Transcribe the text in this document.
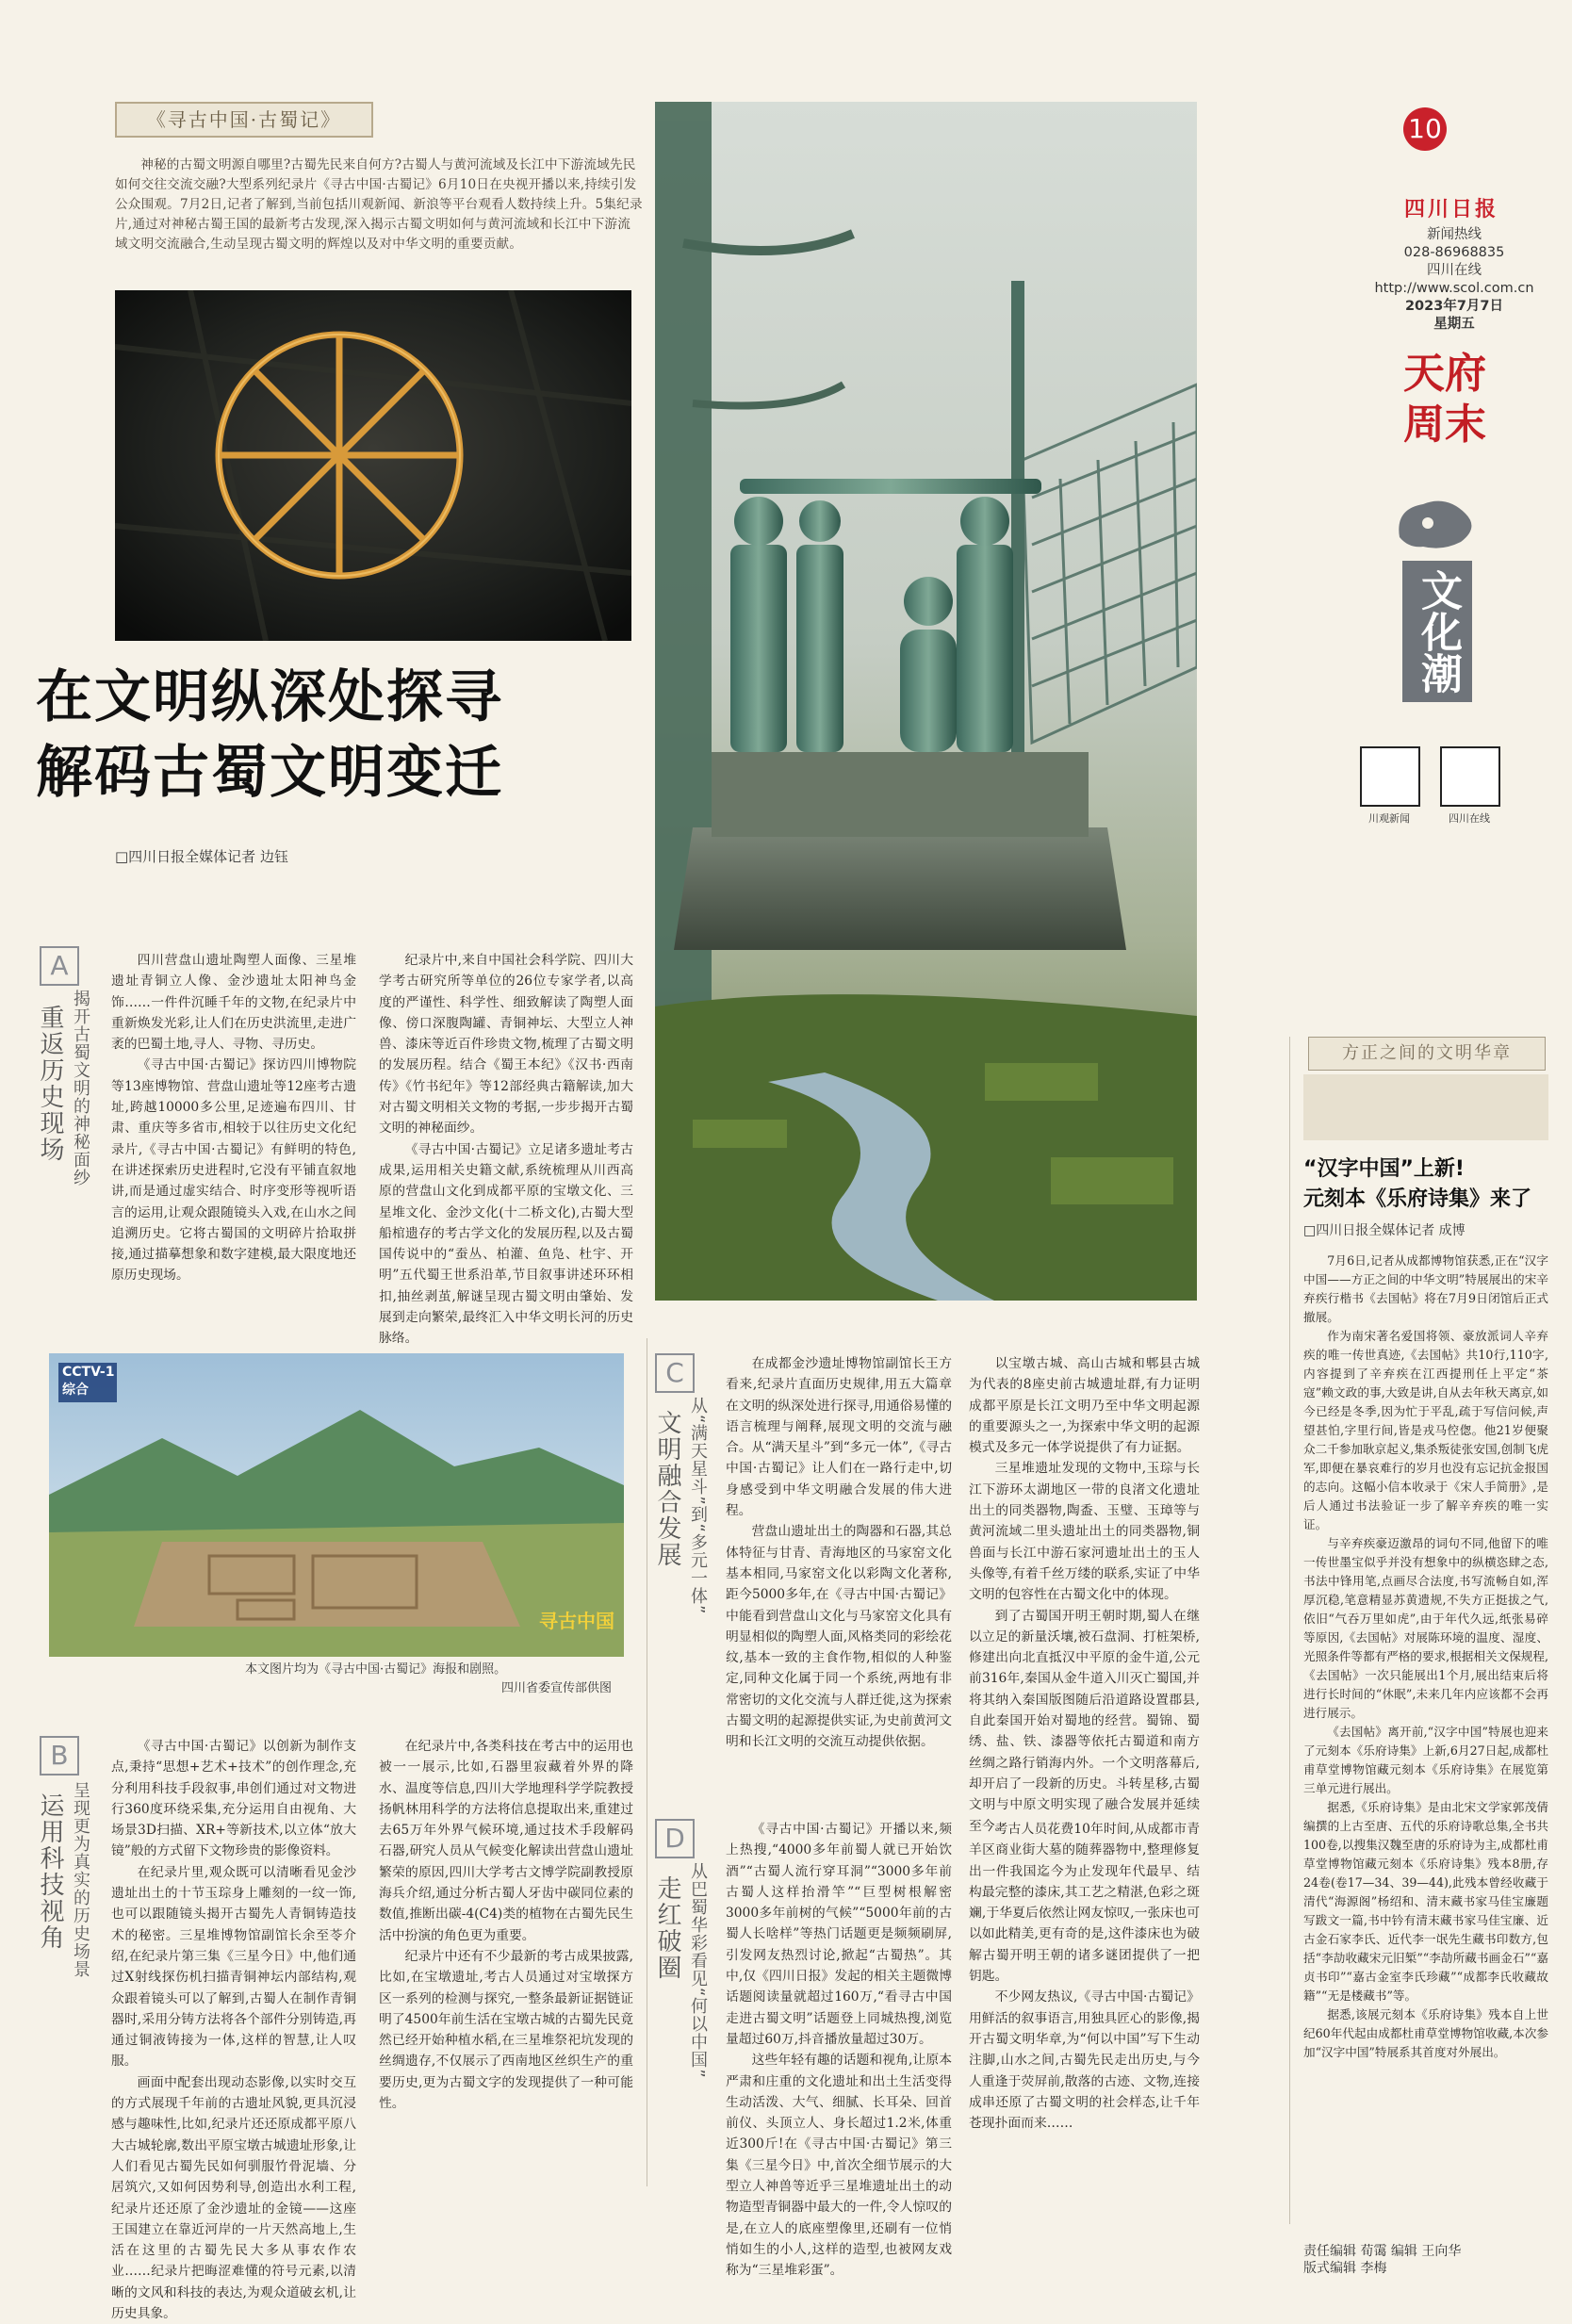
《寻古中国·古蜀记》
神秘的古蜀文明源自哪里?古蜀先民来自何方?古蜀人与黄河流域及长江中下游流域先民如何交往交流交融?大型系列纪录片《寻古中国·古蜀记》6月10日在央视开播以来,持续引发公众围观。7月2日,记者了解到,当前包括川观新闻、新浪等平台观看人数持续上升。5集纪录片,通过对神秘古蜀王国的最新考古发现,深入揭示古蜀文明如何与黄河流域和长江中下游流域文明交流融合,生动呈现古蜀文明的辉煌以及对中华文明的重要贡献。
在文明纵深处探寻
解码古蜀文明变迁
□四川日报全媒体记者 边钰
CCTV-1 综合
寻古中国
本文图片均为《寻古中国·古蜀记》海报和剧照。
四川省委宣传部供图
A
重返历史现场 揭开古蜀文明的神秘面纱

四川营盘山遗址陶塑人面像、三星堆遗址青铜立人像、金沙遗址太阳神鸟金饰……一件件沉睡千年的文物,在纪录片中重新焕发光彩,让人们在历史洪流里,走进广袤的巴蜀土地,寻人、寻物、寻历史。

《寻古中国·古蜀记》探访四川博物院等13座博物馆、营盘山遗址等12座考古遗址,跨越10000多公里,足迹遍布四川、甘肃、重庆等多省市,相较于以往历史文化纪录片,《寻古中国·古蜀记》有鲜明的特色,在讲述探索历史进程时,它没有平铺直叙地讲,而是通过虚实结合、时序变形等视听语言的运用,让观众跟随镜头入戏,在山水之间追溯历史。它将古蜀国的文明碎片拾取拼接,通过描摹想象和数字建模,最大限度地还原历史现场。

纪录片中,来自中国社会科学院、四川大学考古研究所等单位的26位专家学者,以高度的严谨性、科学性、细致解读了陶塑人面像、傍口深腹陶罐、青铜神坛、大型立人神兽、漆床等近百件珍贵文物,梳理了古蜀文明的发展历程。结合《蜀王本纪》《汉书·西南传》《竹书纪年》等12部经典古籍解读,加大对古蜀文明相关文物的考据,一步步揭开古蜀文明的神秘面纱。

《寻古中国·古蜀记》立足诸多遗址考古成果,运用相关史籍文献,系统梳理从川西高原的营盘山文化到成都平原的宝墩文化、三星堆文化、金沙文化(十二桥文化),古蜀大型船棺遗存的考古学文化的发展历程,以及古蜀国传说中的“蚕丛、柏灌、鱼凫、杜宇、开明”五代蜀王世系沿革,节目叙事讲述环环相扣,抽丝剥茧,解谜呈现古蜀文明由肇始、发展到走向繁荣,最终汇入中华文明长河的历史脉络。

B
运用科技视角 呈现更为真实的历史场景

《寻古中国·古蜀记》以创新为制作支点,秉持“思想+艺术+技术”的创作理念,充分利用科技手段叙事,串创们通过对文物进行360度环绕采集,充分运用自由视角、大场景3D扫描、XR+等新技术,以立体“放大镜”般的方式留下文物珍贵的影像资料。

在纪录片里,观众既可以清晰看见金沙遗址出土的十节玉琮身上雕刻的一纹一饰,也可以跟随镜头揭开古蜀先人青铜铸造技术的秘密。三星堆博物馆副馆长余至苓介绍,在纪录片第三集《三星今日》中,他们通过X射线探伤机扫描青铜神坛内部结构,观众跟着镜头可以了解到,古蜀人在制作青铜器时,采用分铸方法将各个部件分别铸造,再通过铜液铸接为一体,这样的智慧,让人叹服。

画面中配套出现动态影像,以实时交互的方式展现千年前的古遗址风貌,更具沉浸感与趣味性,比如,纪录片还还原成都平原八大古城轮廓,数出平原宝墩古城遗址形象,让人们看见古蜀先民如何驯服竹骨泥墙、分居筑穴,又如何因势利导,创造出水利工程,纪录片还还原了金沙遗址的金镜——这座王国建立在靠近河岸的一片天然高地上,生活在这里的古蜀先民大多从事农作农业……纪录片把晦涩难懂的符号元素,以清晰的文风和科技的表达,为观众道破玄机,让历史具象。

在纪录片中,各类科技在考古中的运用也被一一展示,比如,石器里寂藏着外界的降水、温度等信息,四川大学地理科学学院教授扬帆林用科学的方法将信息提取出来,重建过去65万年外界气候环境,通过技术手段解码石器,研究人员从气候变化解读出营盘山遗址繁荣的原因,四川大学考古文博学院副教授原海兵介绍,通过分析古蜀人牙齿中碳同位素的数值,推断出碳-4(C4)类的植物在古蜀先民生活中扮演的角色更为重要。

纪录片中还有不少最新的考古成果披露,比如,在宝墩遗址,考古人员通过对宝墩探方区一系列的检测与探究,一整条最新证据链证明了4500年前生活在宝墩古城的古蜀先民竟然已经开始种植水稻,在三星堆祭祀坑发现的丝绸遗存,不仅展示了西南地区丝织生产的重要历史,更为古蜀文字的发现提供了一种可能性。

C
文明融合发展 从“满天星斗”到“多元一体”

在成都金沙遗址博物馆副馆长王方看来,纪录片直面历史规律,用五大篇章在文明的纵深处进行探寻,用通俗易懂的语言梳理与阐释,展现文明的交流与融合。从“满天星斗”到“多元一体”,《寻古中国·古蜀记》让人们在一路行走中,切身感受到中华文明融合发展的伟大进程。

营盘山遗址出土的陶器和石器,其总体特征与甘青、青海地区的马家窑文化基本相同,马家窑文化以彩陶文化著称,距今5000多年,在《寻古中国·古蜀记》中能看到营盘山文化与马家窑文化具有明显相似的陶塑人面,风格类同的彩绘花纹,基本一致的主食作物,相似的人种鉴定,同种文化属于同一个系统,两地有非常密切的文化交流与人群迁徙,这为探索古蜀文明的起源提供实证,为史前黄河文明和长江文明的交流互动提供依据。

以宝墩古城、高山古城和郫县古城为代表的8座史前古城遗址群,有力证明成都平原是长江文明乃至中华文明起源的重要源头之一,为探索中华文明的起源模式及多元一体学说提供了有力证据。

三星堆遗址发现的文物中,玉琮与长江下游环太湖地区一带的良渚文化遗址出土的同类器物,陶盉、玉璧、玉璋等与黄河流域二里头遗址出土的同类器物,铜兽面与长江中游石家河遗址出土的玉人头像等,有着千丝万缕的联系,实证了中华文明的包容性在古蜀文化中的体现。

到了古蜀国开明王朝时期,蜀人在继以立足的新量沃壤,被石盘洞、打桩架桥,修建出向北直抵汉中平原的金牛道,公元前316年,秦国从金牛道入川灭亡蜀国,并将其纳入秦国版图随后沿道路设置郡县,自此秦国开始对蜀地的经营。蜀锦、蜀绣、盐、铁、漆器等依托古蜀道和南方丝绸之路行销海内外。一个文明落幕后,却开启了一段新的历史。斗转星移,古蜀文明与中原文明实现了融合发展并延续至今。

D
走红破圈 从巴蜀华彩看见“何以中国”

《寻古中国·古蜀记》开播以来,频上热搜,“4000多年前蜀人就已开始饮酒”“古蜀人流行穿耳洞”“3000多年前古蜀人这样抬滑竿”“巨型树根解密3000多年前树的气候”“5000年前的古蜀人长啥样”等热门话题更是频频刷屏,引发网友热烈讨论,掀起“古蜀热”。其中,仅《四川日报》发起的相关主题微博话题阅读量就超过160万,“看寻古中国走进古蜀文明”话题登上同城热搜,浏览量超过60万,抖音播放量超过30万。

这些年轻有趣的话题和视角,让原本严肃和庄重的文化遗址和出土生活变得生动活泼、大气、细腻、长耳朵、回首前仪、头顶立人、身长超过1.2米,体重近300斤!在《寻古中国·古蜀记》第三集《三星今日》中,首次全细节展示的大型立人神兽等近乎三星堆遗址出土的动物造型青铜器中最大的一件,令人惊叹的是,在立人的底座塑像里,还刷有一位悄悄如生的小人,这样的造型,也被网友戏称为“三星堆彩蛋”。

考古人员花费10年时间,从成都市青羊区商业街大墓的随葬器物中,整理修复出一件我国迄今为止发现年代最早、结构最完整的漆床,其工艺之精湛,色彩之斑斓,于华夏后依然让网友惊叹,一张床也可以如此精美,更有奇的是,这件漆床也为破解古蜀开明王朝的诸多谜团提供了一把钥匙。

不少网友热议,《寻古中国·古蜀记》用鲜活的叙事语言,用独具匠心的影像,揭开古蜀文明华章,为“何以中国”写下生动注脚,山水之间,古蜀先民走出历史,与今人重逢于荧屏前,散落的古迹、文物,连接成串还原了古蜀文明的社会样态,让千年苍现扑面而来……

10
四川日报
新闻热线
028-86968835
四川在线
http://www.scol.com.cn
2023年7月7日
星期五
天府周末
文化潮
川观新闻	四川在线
方正之间的文明华章
“汉字中国”上新!
元刻本《乐府诗集》来了
□四川日报全媒体记者 成博

7月6日,记者从成都博物馆获悉,正在“汉字中国——方正之间的中华文明”特展展出的宋辛弃疾行楷书《去国帖》将在7月9日闭馆后正式撤展。

作为南宋著名爱国将领、豪放派词人辛弃疾的唯一传世真迹,《去国帖》共10行,110字,内容提到了辛弃疾在江西提刑任上平定“茶寇”赖文政的事,大致是讲,自从去年秋天离京,如今已经是冬季,因为忙于平乱,疏于写信问候,声望甚怕,字里行间,皆是戎马倥偬。他21岁便聚众二千参加耿京起义,集杀叛徒张安国,创制飞虎军,即便在暴哀难行的岁月也没有忘记抗金报国的志向。这幅小信本收录于《宋人手简册》,是后人通过书法验证一步了解辛弃疾的唯一实证。

与辛弃疾豪迈激昂的词句不同,他留下的唯一传世墨宝似乎并没有想象中的纵横恣肆之态,书法中锋用笔,点画尽合法度,书写流畅自如,浑厚沉稳,笔意精显苏黄遗规,不失方正挺拔之气,依旧“气吞万里如虎”,由于年代久远,纸张易碎等原因,《去国帖》对展陈环境的温度、湿度、光照条件等都有严格的要求,根据相关文保规程,《去国帖》一次只能展出1个月,展出结束后将进行长时间的“休眠”,未来几年内应该都不会再进行展示。

《去国帖》离开前,“汉字中国”特展也迎来了元刻本《乐府诗集》上新,6月27日起,成都杜甫草堂博物馆藏元刻本《乐府诗集》在展览第三单元进行展出。

据悉,《乐府诗集》是由北宋文学家郭茂倩编撰的上古至唐、五代的乐府诗歌总集,全书共100卷,以搜集汉魏至唐的乐府诗为主,成都杜甫草堂博物馆藏元刻本《乐府诗集》残本8册,存24卷(卷17—34、39—44),此残本曾经收藏于清代“海源阁”杨绍和、清末藏书家马佳宝廉题写跋文一篇,书中钤有清末藏书家马佳宝廉、近古金石家李氏、近代李一氓先生藏书印数方,包括“李劼收藏宋元旧椠”“李劼所藏书画金石”“嘉贞书印”“嘉古金室李氏珍藏”“成都李氏收藏故籍”“无是楼藏书”等。

据悉,该展元刻本《乐府诗集》残本自上世纪60年代起由成都杜甫草堂博物馆收藏,本次参加“汉字中国”特展系其首度对外展出。

责任编辑 荀霭 编辑 王向华
版式编辑 李梅
